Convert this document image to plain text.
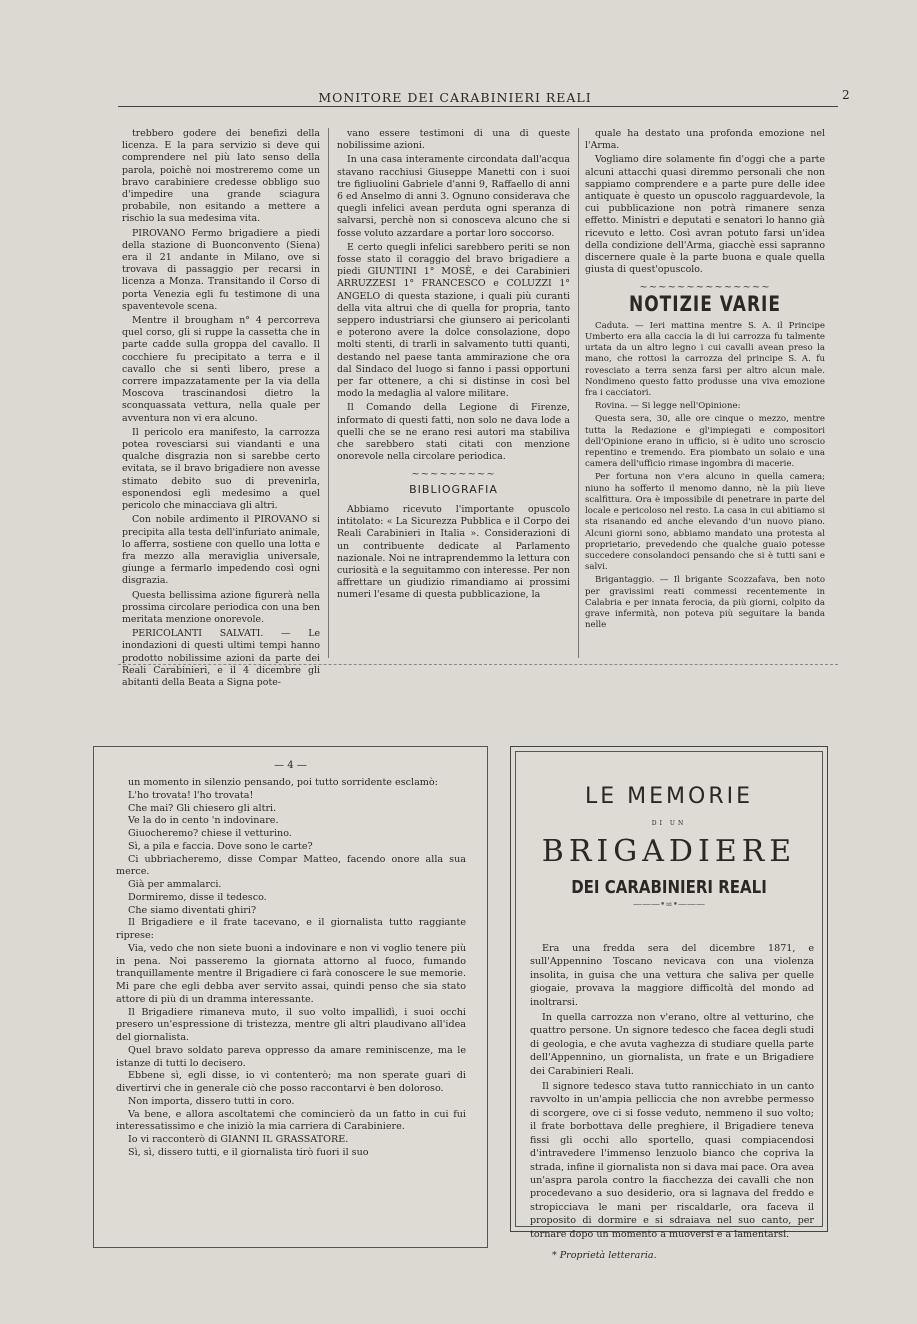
MONITORE DEI CARABINIERI REALI	2

trebbero godere dei benefizi della licenza. E la para servizio si deve qui comprendere nel più lato senso della parola, poichè noi mostreremo come un bravo carabiniere credesse obbligo suo d'impedire una grande sciagura probabile, non esitando a mettere a rischio la sua medesima vita.

PIROVANO Fermo brigadiere a piedi della stazione di Buonconvento (Siena) era il 21 andante in Milano, ove si trovava di passaggio per recarsi in licenza a Monza. Transitando il Corso di porta Venezia egli fu testimone di una spaventevole scena.

Mentre il brougham n° 4 percorreva quel corso, gli si ruppe la cassetta che in parte cadde sulla groppa del cavallo. Il cocchiere fu precipitato a terra e il cavallo che si sentì libero, prese a correre impazzatamente per la via della Moscova trascinandosi dietro la sconquassata vettura, nella quale per avventura non vi era alcuno.

Il pericolo era manifesto, la carrozza potea rovesciarsi sui viandanti e una qualche disgrazia non si sarebbe certo evitata, se il bravo brigadiere non avesse stimato debito suo di prevenirla, esponendosi egli medesimo a quel pericolo che minacciava gli altri.

Con nobile ardimento il PIROVANO si precipita alla testa dell'infuriato animale, lo afferra, sostiene con quello una lotta e fra mezzo alla meraviglia universale, giunge a fermarlo impedendo così ogni disgrazia.

Questa bellissima azione figurerà nella prossima circolare periodica con una ben meritata menzione onorevole.

PERICOLANTI SALVATI. — Le inondazioni di questi ultimi tempi hanno prodotto nobilissime azioni da parte dei Reali Carabinieri, e il 4 dicembre gli abitanti della Beata a Signa pote-

vano essere testimoni di una di queste nobilissime azioni.

In una casa interamente circondata dall'acqua stavano racchiusi Giuseppe Manetti con i suoi tre figliuolini Gabriele d'anni 9, Raffaello di anni 6 ed Anselmo di anni 3. Ognuno considerava che quegli infelici avean perduta ogni speranza di salvarsi, perchè non si conosceva alcuno che si fosse voluto azzardare a portar loro soccorso.

E certo quegli infelici sarebbero periti se non fosse stato il coraggio del bravo brigadiere a piedi GIUNTINI 1° MOSÈ, e dei Carabinieri ARRUZZESI 1° FRANCESCO e COLUZZI 1° ANGELO di questa stazione, i quali più curanti della vita altrui che di quella for propria, tanto seppero industriarsi che giunsero ai pericolanti e poterono avere la dolce consolazione, dopo molti stenti, di trarli in salvamento tutti quanti, destando nel paese tanta ammirazione che ora dal Sindaco del luogo si fanno i passi opportuni per far ottenere, a chi si distinse in così bel modo la medaglia al valore militare.

Il Comando della Legione di Firenze, informato di questi fatti, non solo ne dava lode a quelli che se ne erano resi autori ma stabiliva che sarebbero stati citati con menzione onorevole nella circolare periodica.

~~~~~~~~~
BIBLIOGRAFIA

Abbiamo ricevuto l'importante opuscolo intitolato: « La Sicurezza Pubblica e il Corpo dei Reali Carabinieri in Italia ». Considerazioni di un contribuente dedicate al Parlamento nazionale. Noi ne intraprendemmo la lettura con curiosità e la seguitammo con interesse. Per non affrettare un giudizio rimandiamo ai prossimi numeri l'esame di questa pubblicazione, la

quale ha destato una profonda emozione nel l'Arma.

Vogliamo dire solamente fin d'oggi che a parte alcuni attacchi quasi diremmo personali che non sappiamo comprendere e a parte pure delle idee antiquate è questo un opuscolo ragguardevole, la cui pubblicazione non potrà rimanere senza effetto. Ministri e deputati e senatori lo hanno già ricevuto e letto. Così avran potuto farsi un'idea della condizione dell'Arma, giacchè essi sapranno discernere quale è la parte buona e quale quella giusta di quest'opuscolo.

~~~~~~~~~~~~~~
NOTIZIE VARIE

Caduta. — Ieri mattina mentre S. A. il Principe Umberto era alla caccia la di lui carrozza fu talmente urtata da un altro legno i cui cavalli avean preso la mano, che rottosi la carrozza del principe S. A. fu rovesciato a terra senza farsi per altro alcun male. Nondimeno questo fatto produsse una viva emozione fra i cacciatori.

Rovina. — Si legge nell'Opinione:

Questa sera, 30, alle ore cinque o mezzo, mentre tutta la Redazione e gl'impiegati e compositori dell'Opinione erano in ufficio, si è udito uno scroscio repentino e tremendo. Era piombato un solaio e una camera dell'ufficio rimase ingombra di macerie.

Per fortuna non v'era alcuno in quella camera; niuno ha sofferto il menomo danno, nè la più lieve scalfittura. Ora è impossibile di penetrare in parte del locale e pericoloso nel resto. La casa in cui abitiamo si sta risanando ed anche elevando d'un nuovo piano. Alcuni giorni sono, abbiamo mandato una protesta al proprietario, prevedendo che qualche guaio potesse succedere consolandoci pensando che si è tutti sani e salvi.

Brigantaggio. — Il brigante Scozzafava, ben noto per gravissimi reati commessi recentemente in Calabria e per innata ferocia, da più giorni, colpito da grave infermità, non poteva più seguitare la banda nelle

— 4 —

un momento in silenzio pensando, poi tutto sorridente esclamò:

L'ho trovata! l'ho trovata!

Che mai? Gli chiesero gli altri.

Ve la do in cento 'n indovinare.

Giuocheremo? chiese il vetturino.

Sì, a pila e faccia. Dove sono le carte?

Ci ubbriacheremo, disse Compar Matteo, facendo onore alla sua merce.

Già per ammalarci.

Dormiremo, disse il tedesco.

Che siamo diventati ghiri?

Il Brigadiere e il frate tacevano, e il giornalista tutto raggiante riprese:

Via, vedo che non siete buoni a indovinare e non vi voglio tenere più in pena. Noi passeremo la giornata attorno al fuoco, fumando tranquillamente mentre il Brigadiere ci farà conoscere le sue memorie. Mi pare che egli debba aver servito assai, quindi penso che sia stato attore di più di un dramma interessante.

Il Brigadiere rimaneva muto, il suo volto impallidì, i suoi occhi presero un'espressione di tristezza, mentre gli altri plaudivano all'idea del giornalista.

Quel bravo soldato pareva oppresso da amare reminiscenze, ma le istanze di tutti lo decisero.

Ebbene sì, egli disse, io vi contenterò; ma non sperate guari di divertirvi che in generale ciò che posso raccontarvi è ben doloroso.

Non importa, dissero tutti in coro.

Va bene, e allora ascoltatemi che comincierò da un fatto in cui fui interessatissimo e che iniziò la mia carriera di Carabiniere.

Io vi racconterò di GIANNI IL GRASSATORE.

Sì, sì, dissero tutti, e il giornalista tirò fuori il suo

LE MEMORIE
DI UN
BRIGADIERE
DEI CARABINIERI REALI
———•∞•———

Era una fredda sera del dicembre 1871, e sull'Appennino Toscano nevicava con una violenza insolita, in guisa che una vettura che saliva per quelle giogaie, provava la maggiore difficoltà del mondo ad inoltrarsi.

In quella carrozza non v'erano, oltre al vetturino, che quattro persone. Un signore tedesco che facea degli studi di geologia, e che avuta vaghezza di studiare quella parte dell'Appennino, un giornalista, un frate e un Brigadiere dei Carabinieri Reali.

Il signore tedesco stava tutto rannicchiato in un canto ravvolto in un'ampia pelliccia che non avrebbe permesso di scorgere, ove ci si fosse veduto, nemmeno il suo volto; il frate borbottava delle preghiere, il Brigadiere teneva fissi gli occhi allo sportello, quasi compiacendosi d'intravedere l'immenso lenzuolo bianco che copriva la strada, infine il giornalista non si dava mai pace. Ora avea un'aspra parola contro la fiacchezza dei cavalli che non procedevano a suo desiderio, ora si lagnava del freddo e stropicciava le mani per riscaldarle, ora faceva il proposito di dormire e si sdraiava nel suo canto, per tornare dopo un momento a muoversi e a lamentarsi.

* Proprietà letteraria.
